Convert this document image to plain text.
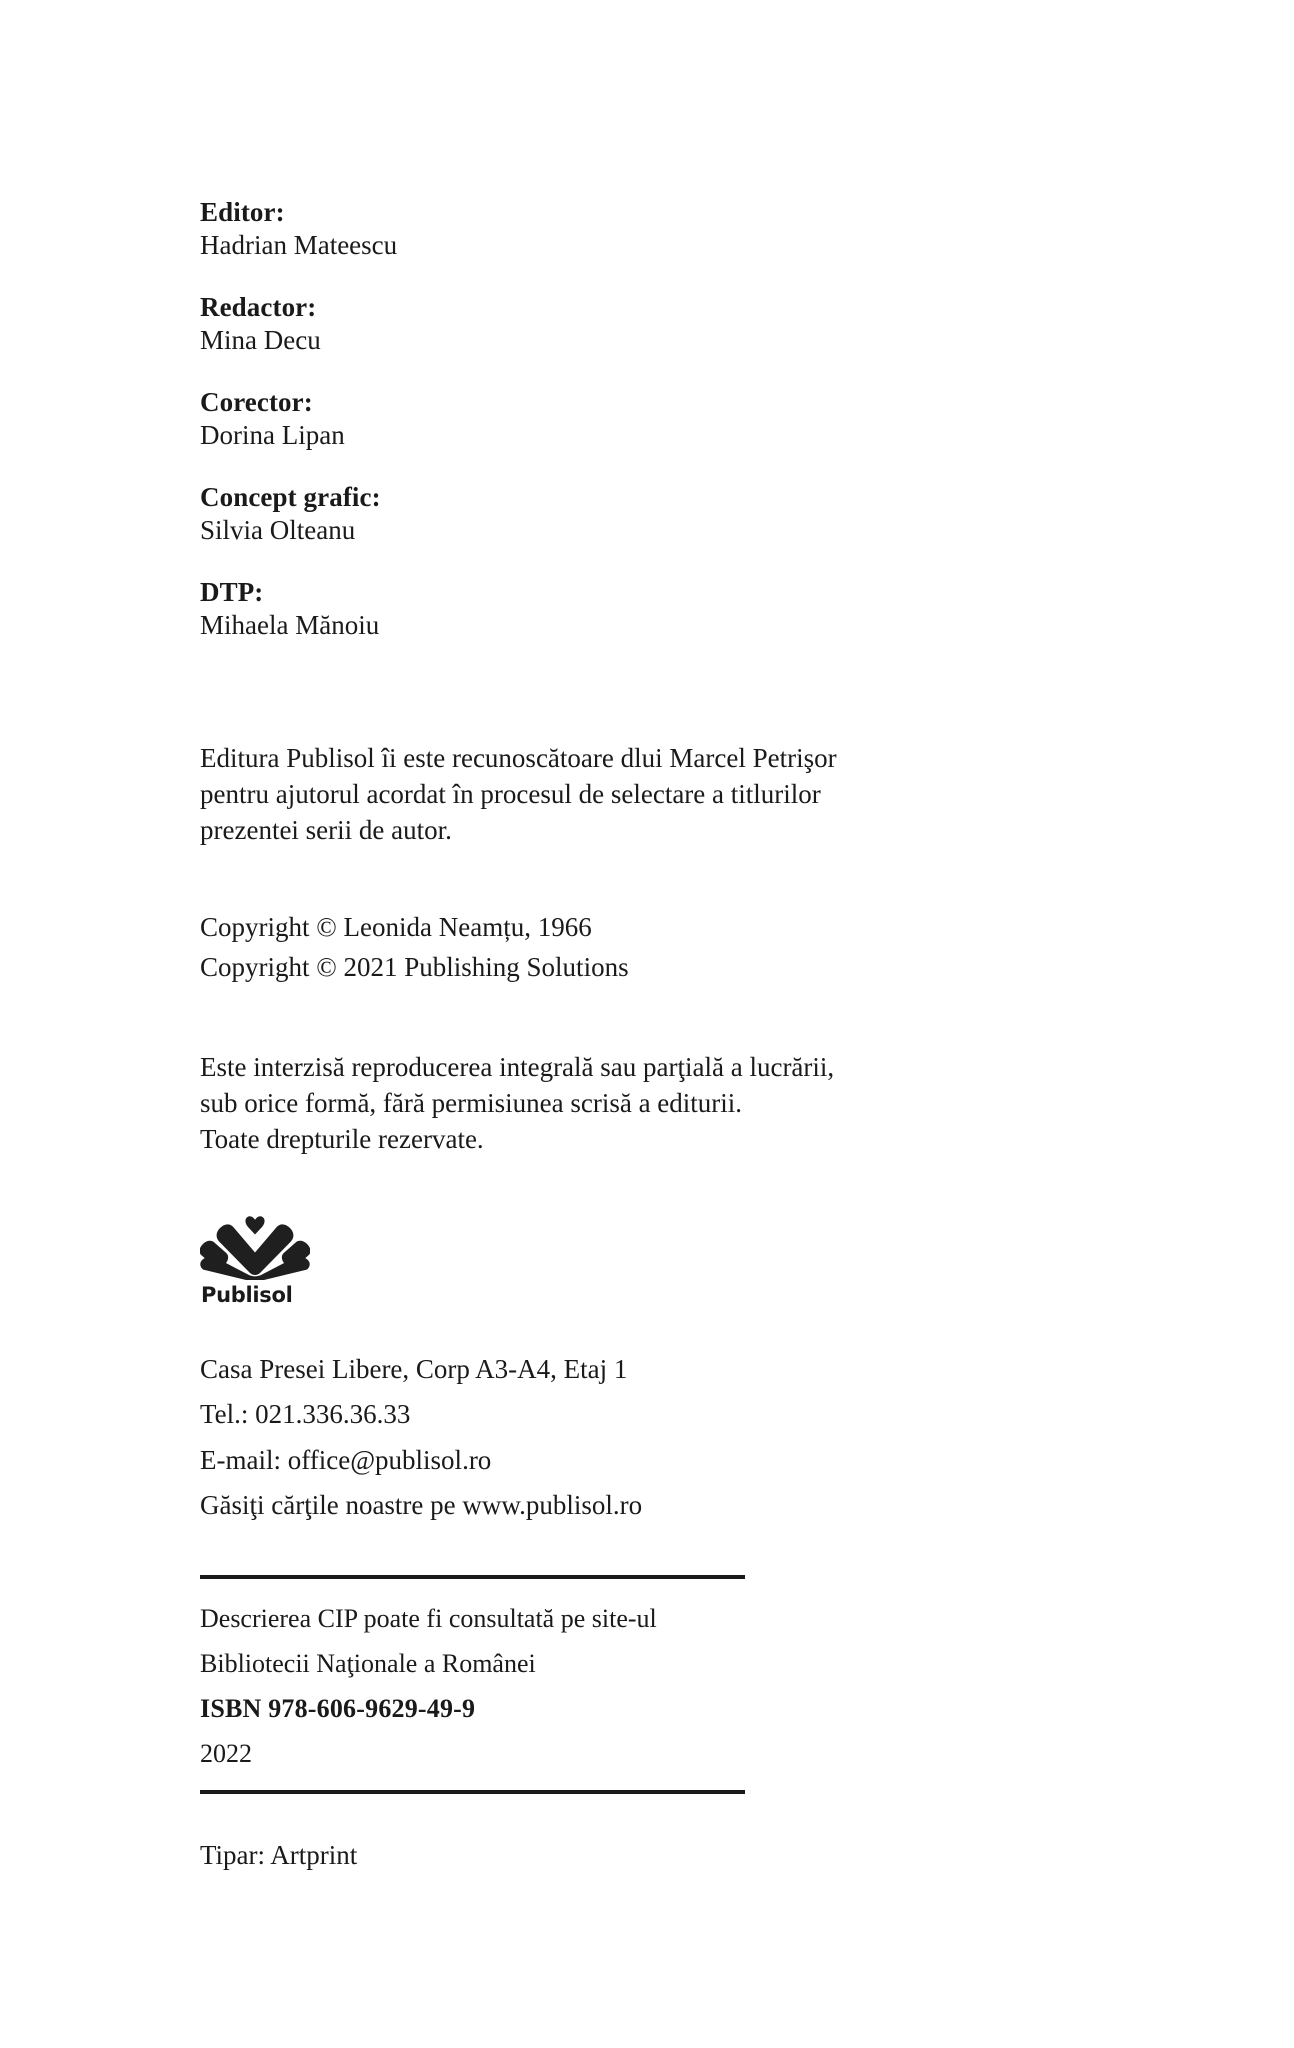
Editor:
Hadrian Mateescu
Redactor:
Mina Decu
Corector:
Dorina Lipan
Concept grafic:
Silvia Olteanu
DTP:
Mihaela Mănoiu
Editura Publisol îi este recunoscătoare dlui Marcel Petrişor
pentru ajutorul acordat în procesul de selectare a titlurilor
prezentei serii de autor.
Copyright © Leonida Neamțu, 1966
Copyright © 2021 Publishing Solutions
Este interzisă reproducerea integrală sau parţială a lucrării,
sub orice formă, fără permisiunea scrisă a editurii.
Toate drepturile rezervate.
Publisol
Casa Presei Libere, Corp A3-A4, Etaj 1
Tel.: 021.336.36.33
E-mail: office@publisol.ro
Găsiţi cărţile noastre pe www.publisol.ro
Descrierea CIP poate fi consultată pe site-ul
Bibliotecii Naţionale a Românei
ISBN 978-606-9629-49-9
2022
Tipar: Artprint
